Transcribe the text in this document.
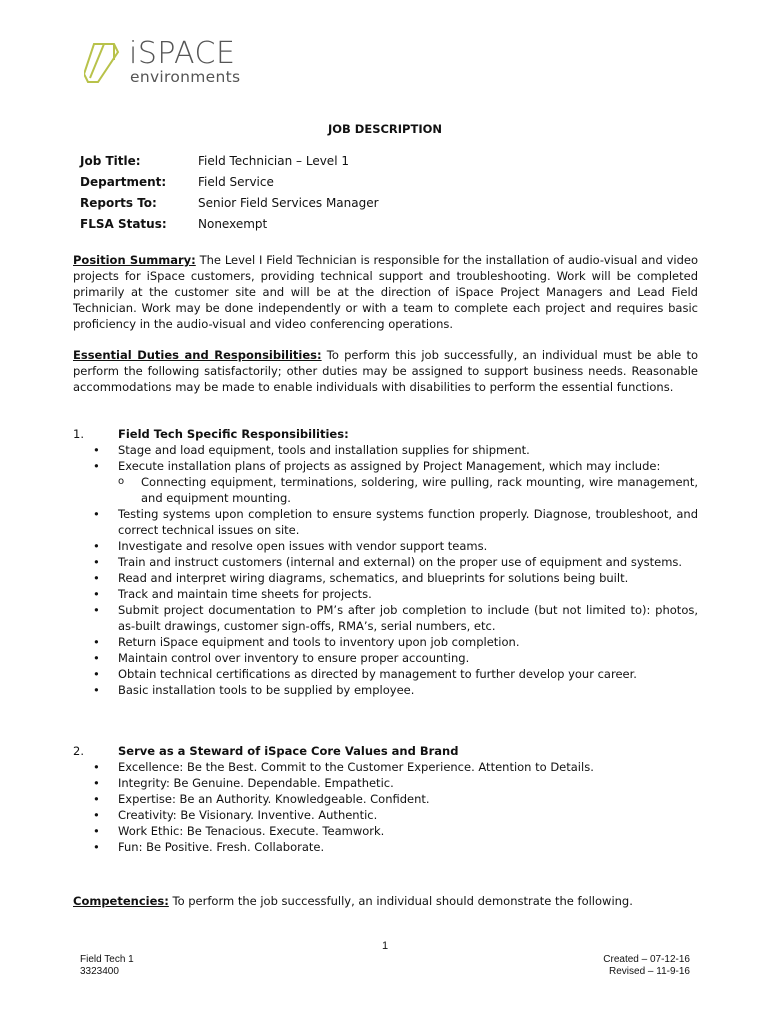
iSPACE
environments
JOB DESCRIPTION
Job Title:	Field Technician – Level 1
Department:	Field Service
Reports To:	Senior Field Services Manager
FLSA Status:	Nonexempt
Position Summary: The Level I Field Technician is responsible for the installation of audio-visual and video projects for iSpace customers, providing technical support and troubleshooting. Work will be completed primarily at the customer site and will be at the direction of iSpace Project Managers and Lead Field Technician. Work may be done independently or with a team to complete each project and requires basic proficiency in the audio-visual and video conferencing operations.
Essential Duties and Responsibilities: To perform this job successfully, an individual must be able to perform the following satisfactorily; other duties may be assigned to support business needs. Reasonable accommodations may be made to enable individuals with disabilities to perform the essential functions.
1.	Field Tech Specific Responsibilities:
• Stage and load equipment, tools and installation supplies for shipment.
• Execute installation plans of projects as assigned by Project Management, which may include:
o Connecting equipment, terminations, soldering, wire pulling, rack mounting, wire management, and equipment mounting.
• Testing systems upon completion to ensure systems function properly. Diagnose, troubleshoot, and correct technical issues on site.
• Investigate and resolve open issues with vendor support teams.
• Train and instruct customers (internal and external) on the proper use of equipment and systems.
• Read and interpret wiring diagrams, schematics, and blueprints for solutions being built.
• Track and maintain time sheets for projects.
• Submit project documentation to PM’s after job completion to include (but not limited to): photos, as-built drawings, customer sign-offs, RMA’s, serial numbers, etc.
• Return iSpace equipment and tools to inventory upon job completion.
• Maintain control over inventory to ensure proper accounting.
• Obtain technical certifications as directed by management to further develop your career.
• Basic installation tools to be supplied by employee.
2.	Serve as a Steward of iSpace Core Values and Brand
• Excellence: Be the Best. Commit to the Customer Experience. Attention to Details.
• Integrity: Be Genuine. Dependable. Empathetic.
• Expertise: Be an Authority. Knowledgeable. Confident.
• Creativity: Be Visionary. Inventive. Authentic.
• Work Ethic: Be Tenacious. Execute. Teamwork.
• Fun: Be Positive. Fresh. Collaborate.
Competencies: To perform the job successfully, an individual should demonstrate the following.
1
Field Tech 1
3323400
Created – 07-12-16
Revised – 11-9-16
